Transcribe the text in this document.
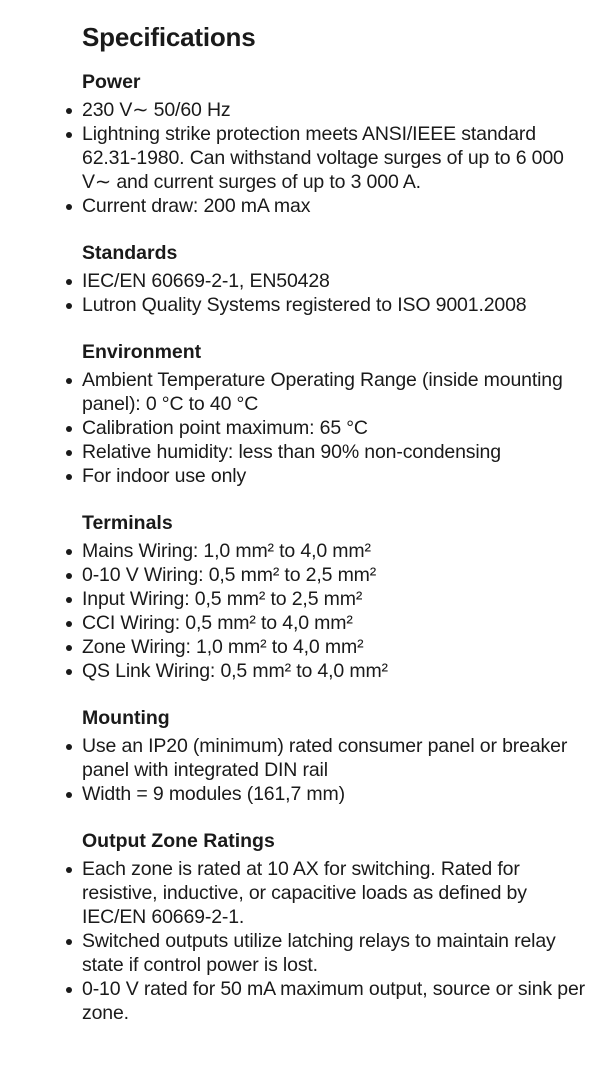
Specifications
Power
230 V∼ 50/60 Hz
Lightning strike protection meets ANSI/IEEE standard 62.31-1980. Can withstand voltage surges of up to 6 000 V∼ and current surges of up to 3 000 A.
Current draw: 200 mA max
Standards
IEC/EN 60669-2-1, EN50428
Lutron Quality Systems registered to ISO 9001.2008
Environment
Ambient Temperature Operating Range (inside mounting panel): 0 °C to 40 °C
Calibration point maximum: 65 °C
Relative humidity: less than 90% non-condensing
For indoor use only
Terminals
Mains Wiring: 1,0 mm² to 4,0 mm²
0-10 V Wiring: 0,5 mm² to 2,5 mm²
Input Wiring: 0,5 mm² to 2,5 mm²
CCI Wiring: 0,5 mm² to 4,0 mm²
Zone Wiring: 1,0 mm² to 4,0 mm²
QS Link Wiring: 0,5 mm² to 4,0 mm²
Mounting
Use an IP20 (minimum) rated consumer panel or breaker panel with integrated DIN rail
Width = 9 modules (161,7 mm)
Output Zone Ratings
Each zone is rated at 10 AX for switching. Rated for resistive, inductive, or capacitive loads as defined by IEC/EN 60669-2-1.
Switched outputs utilize latching relays to maintain relay state if control power is lost.
0-10 V rated for 50 mA maximum output, source or sink per zone.
